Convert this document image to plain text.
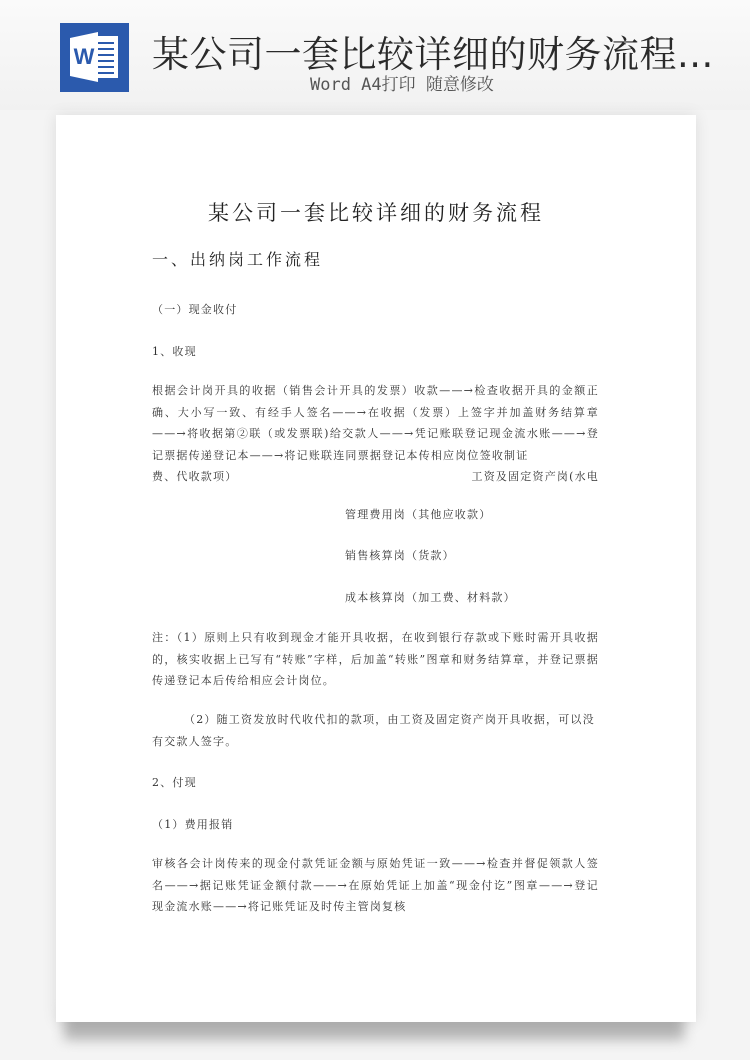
W 某公司一套比较详细的财务流程...
Word A4打印 随意修改
某公司一套比较详细的财务流程
一、出纳岗工作流程
（一）现金收付
1、收现
根据会计岗开具的收据（销售会计开具的发票）收款——→检查收据开具的金额正确、大小写一致、有经手人签名——→在收据（发票）上签字并加盖财务结算章——→将收据第②联（或发票联)给交款人——→凭记账联登记现金流水账——→登记票据传递登记本——→将记账联连同票据登记本传相应岗位签收制证
工资及固定资产岗(水电

费、代收款项）
管理费用岗（其他应收款）
销售核算岗（货款）
成本核算岗（加工费、材料款）
注：（1）原则上只有收到现金才能开具收据，在收到银行存款或下账时需开具收据的，核实收据上已写有“转账”字样，后加盖“转账”图章和财务结算章，并登记票据传递登记本后传给相应会计岗位。
（2）随工资发放时代收代扣的款项，由工资及固定资产岗开具收据，可以没有交款人签字。
2、付现
（1）费用报销
审核各会计岗传来的现金付款凭证金额与原始凭证一致——→检查并督促领款人签名——→据记账凭证金额付款——→在原始凭证上加盖“现金付讫”图章——→登记现金流水账——→将记账凭证及时传主管岗复核
